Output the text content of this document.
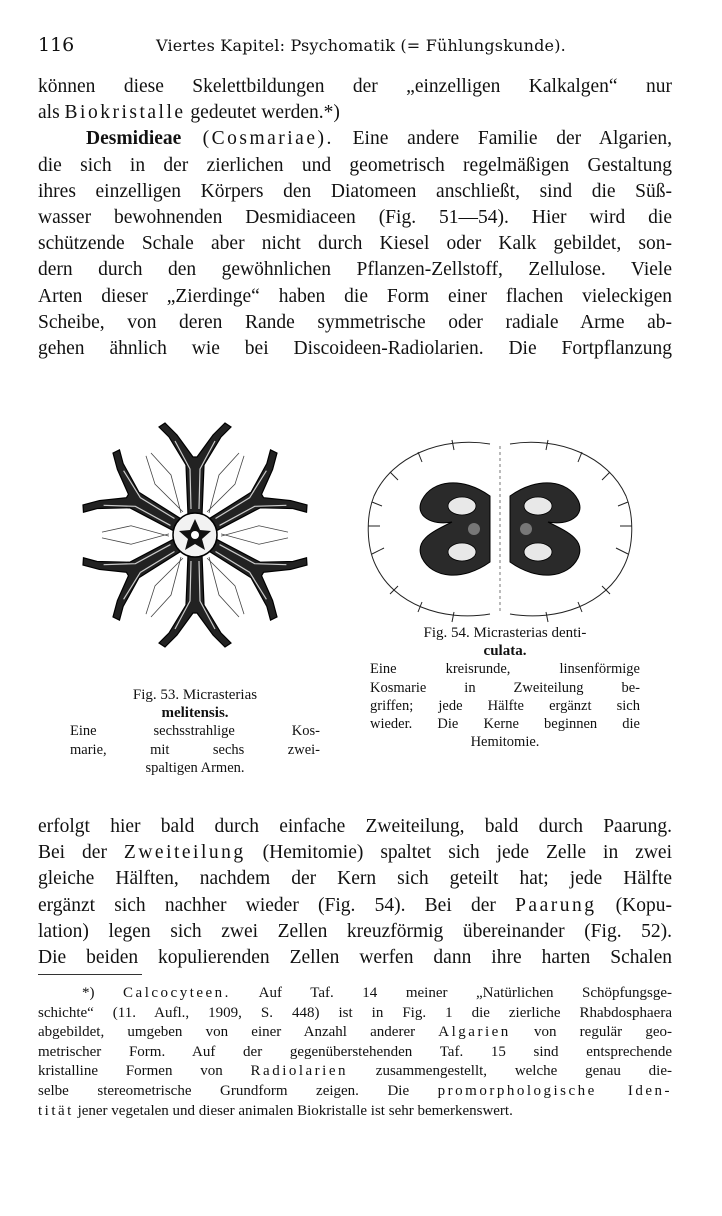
116	Viertes Kapitel: Psychomatik (= Fühlungskunde).
können diese Skelettbildungen der „einzelligen Kalkalgen“ nur
als Biokristalle gedeutet werden.*)
Desmidieae (Cosmariae). Eine andere Familie der Algarien,
die sich in der zierlichen und geometrisch regelmäßigen Gestaltung
ihres einzelligen Körpers den Diatomeen anschließt, sind die Süß-
wasser bewohnenden Desmidiaceen (Fig. 51—54). Hier wird die
schützende Schale aber nicht durch Kiesel oder Kalk gebildet, son-
dern durch den gewöhnlichen Pflanzen-Zellstoff, Zellulose. Viele
Arten dieser „Zierdinge“ haben die Form einer flachen vieleckigen
Scheibe, von deren Rande symmetrische oder radiale Arme ab-
gehen ähnlich wie bei Discoideen-Radiolarien. Die Fortpflanzung
Fig. 53. Micrasterias
melitensis.
Eine sechsstrahlige Kos-
marie, mit sechs zwei-
spaltigen Armen.
Fig. 54. Micrasterias denti-
culata.
Eine kreisrunde, linsenförmige
Kosmarie in Zweiteilung be-
griffen; jede Hälfte ergänzt sich
wieder. Die Kerne beginnen die
Hemitomie.
erfolgt hier bald durch einfache Zweiteilung, bald durch Paarung.
Bei der Zweiteilung (Hemitomie) spaltet sich jede Zelle in zwei
gleiche Hälften, nachdem der Kern sich geteilt hat; jede Hälfte
ergänzt sich nachher wieder (Fig. 54). Bei der Paarung (Kopu-
lation) legen sich zwei Zellen kreuzförmig übereinander (Fig. 52).
Die beiden kopulierenden Zellen werfen dann ihre harten Schalen
*) Calcocyteen. Auf Taf. 14 meiner „Natürlichen Schöpfungsge-
schichte“ (11. Aufl., 1909, S. 448) ist in Fig. 1 die zierliche Rhabdosphaera
abgebildet, umgeben von einer Anzahl anderer Algarien von regulär geo-
metrischer Form. Auf der gegenüberstehenden Taf. 15 sind entsprechende
kristalline Formen von Radiolarien zusammengestellt, welche genau die-
selbe stereometrische Grundform zeigen. Die promorphologische Iden-
tität jener vegetalen und dieser animalen Biokristalle ist sehr bemerkenswert.
